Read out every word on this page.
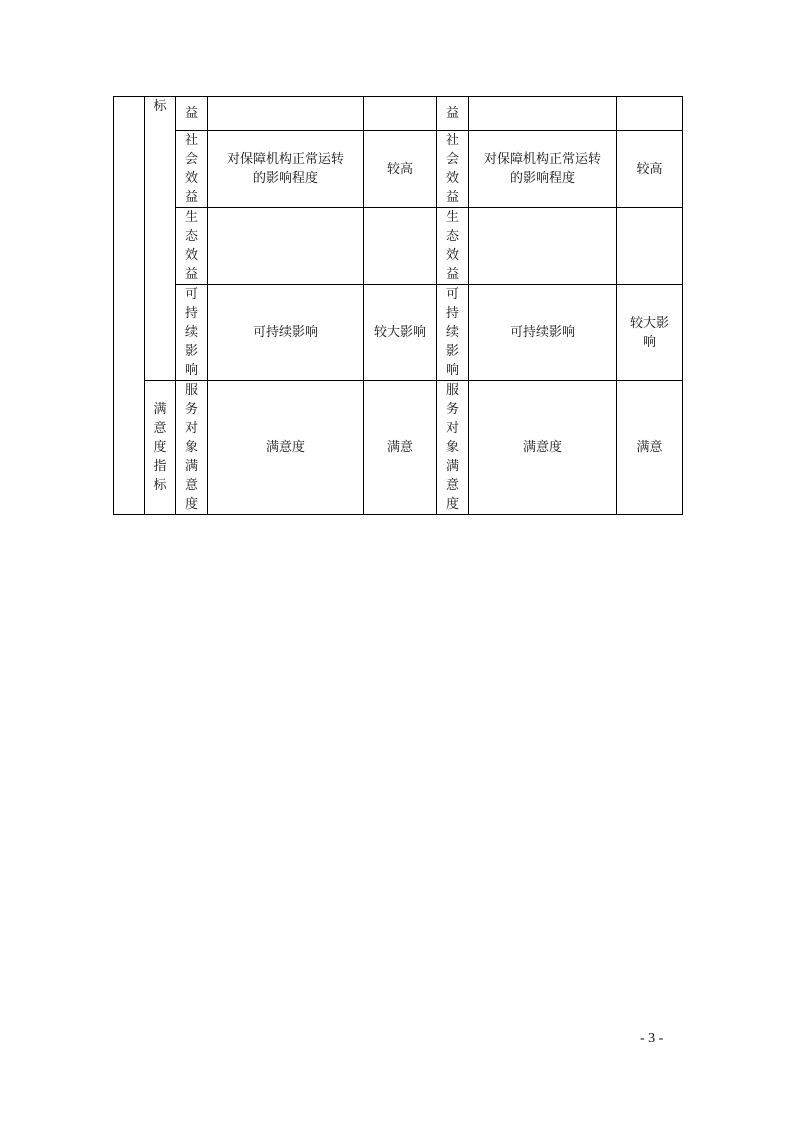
	标	益			益		

		社会效益	对保障机构正常运转的影响程度	较高	社会效益	对保障机构正常运转的影响程度	较高

		生态效益			生态效益		

		可持续影响	可持续影响	较大影响	可持续影响	可持续影响	较大影响

	满意度指标	服务对象满意度	满意度	满意	服务对象满意度	满意度	满意
- 3 -
